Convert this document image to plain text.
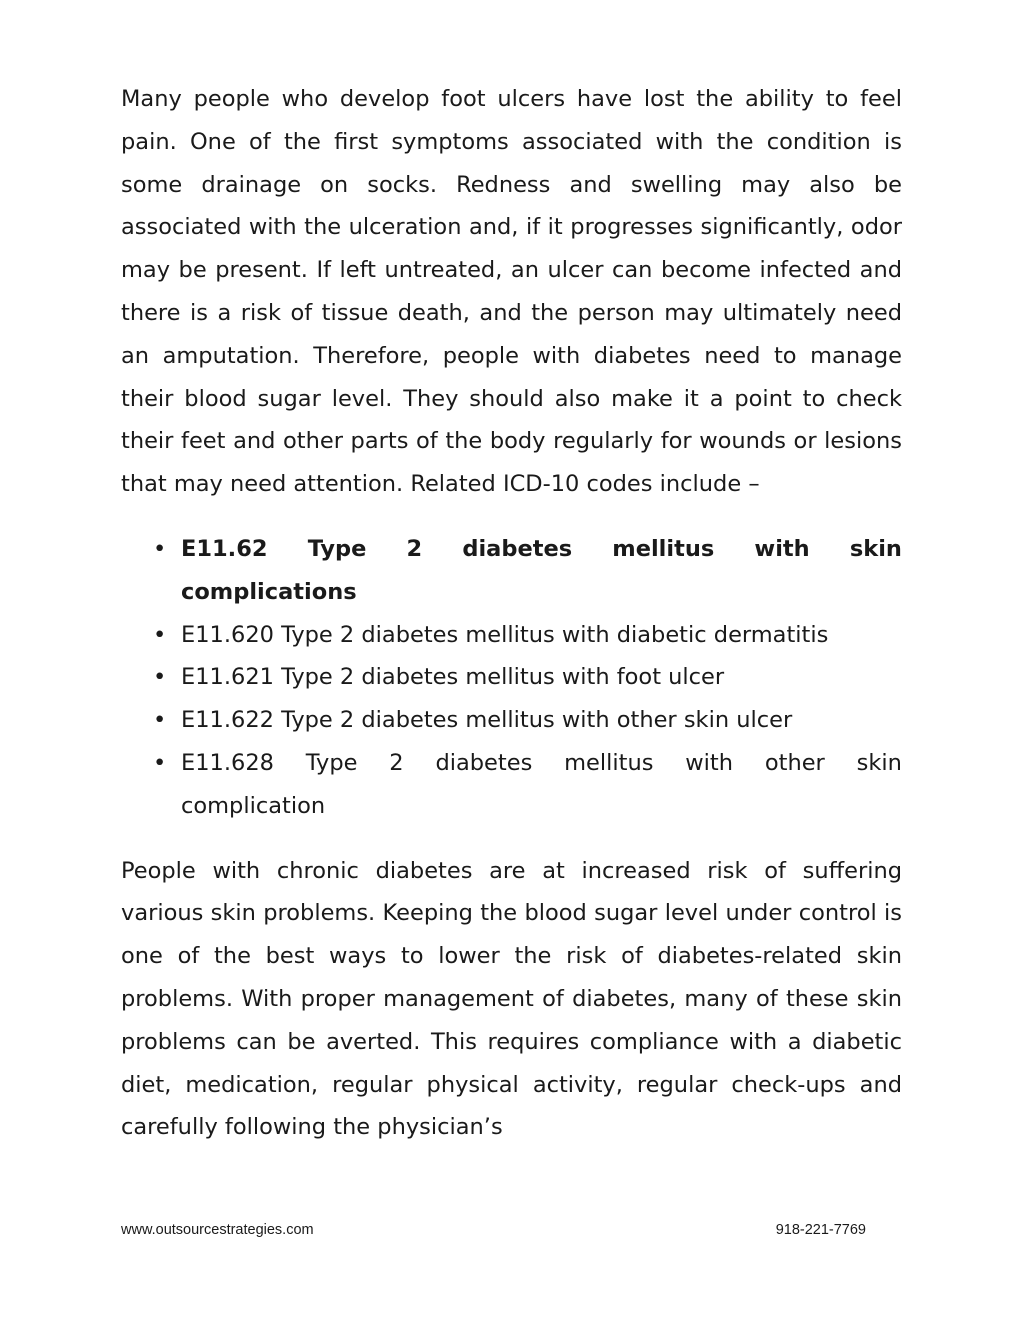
Many people who develop foot ulcers have lost the ability to feel pain. One of the first symptoms associated with the condition is some drainage on socks. Redness and swelling may also be associated with the ulceration and, if it progresses significantly, odor may be present. If left untreated, an ulcer can become infected and there is a risk of tissue death, and the person may ultimately need an amputation. Therefore, people with diabetes need to manage their blood sugar level. They should also make it a point to check their feet and other parts of the body regularly for wounds or lesions that may need attention. Related ICD-10 codes include –

• E11.62 Type 2 diabetes mellitus with skin
complications
• E11.620 Type 2 diabetes mellitus with diabetic dermatitis
• E11.621 Type 2 diabetes mellitus with foot ulcer
• E11.622 Type 2 diabetes mellitus with other skin ulcer
• E11.628 Type 2 diabetes mellitus with other skin
complication

People with chronic diabetes are at increased risk of suffering various skin problems. Keeping the blood sugar level under control is one of the best ways to lower the risk of diabetes-related skin problems. With proper management of diabetes, many of these skin problems can be averted. This requires compliance with a diabetic diet, medication, regular physical activity, regular check-ups and carefully following the physician’s

www.outsourcestrategies.com	918-221-7769
